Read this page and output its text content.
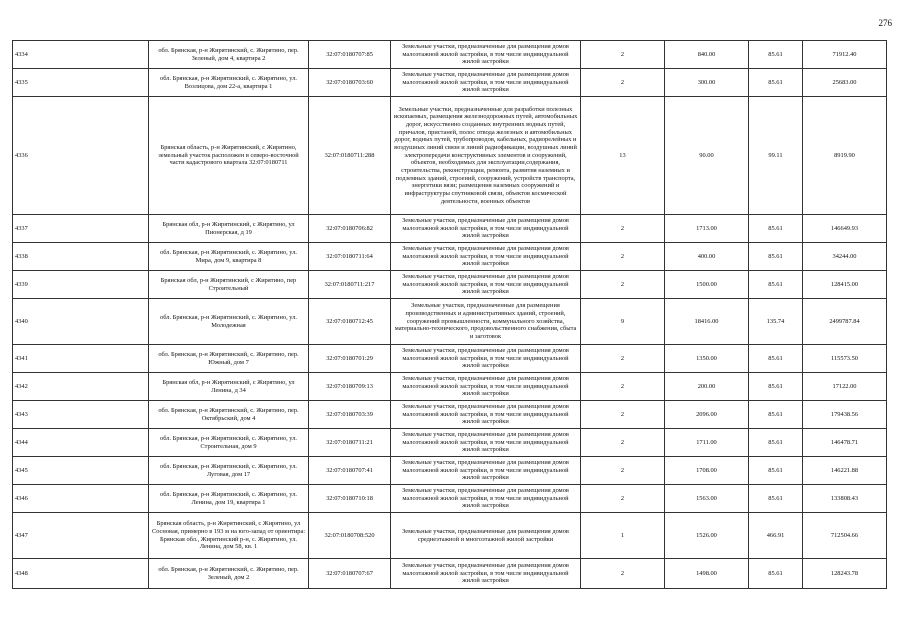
276
4334	обл. Брянская, р-н Жирятинский, с. Жирятино, пер. Зеленый, дом 4, квартира 2	32:07:0180707:85	Земельные участки, предназначенные для размещения домов малоэтажной жилой застройки, в том числе индивидуальной жилой застройки	2	840.00	85.61	71912.40
4335	обл. Брянская, р-н Жирятинский, с. Жирятино, ул. Возлицова, дом 22-а, квартира 1	32:07:0180703:60	Земельные участки, предназначенные для размещения домов малоэтажной жилой застройки, в том числе индивидуальной жилой застройки	2	300.00	85.61	25683.00
4336	Брянская область, р-н Жирятинский, с Жирятино, земельный участок расположен в северо-восточной части кадастрового квартала 32:07:0180711	32:07:0180711:288	Земельные участки, предназначенные для разработки полезных ископаемых, размещения железнодорожных путей, автомобильных дорог, искусственно созданных внутренних водных путей, причалов, пристаней, полос отвода железных и автомобильных дорог, водных путей, трубопроводов, кабельных, радиорелейных и воздушных линий связи и линий радиофикации, воздушных линий электропередачи конструктивных элементов и сооружений, объектов, необходимых для эксплуатации,содержания, строительства, реконструкции, ремонта, развития наземных и подземных зданий, строений, сооружений, устройств транспорта, энергетики вязи; размещения наземных сооружений и инфраструктуры спутниковой связи, объектов космической деятельности, военных объектов	13	90.00	99.11	8919.90
4337	Брянская обл, р-н Жирятинский, с Жирятино, ул Пионерская, д 19	32:07:0180706:82	Земельные участки, предназначенные для размещения домов малоэтажной жилой застройки, в том числе индивидуальной жилой застройки	2	1713.00	85.61	146649.93
4338	обл. Брянская, р-н Жирятинский, с. Жирятино, ул. Мира, дом 9, квартира 8	32:07:0180711:64	Земельные участки, предназначенные для размещения домов малоэтажной жилой застройки, в том числе индивидуальной жилой застройки	2	400.00	85.61	34244.00
4339	Брянская обл, р-н Жирятинский, с Жирятино, пер Строительный	32:07:0180711:217	Земельные участки, предназначенные для размещения домов малоэтажной жилой застройки, в том числе индивидуальной жилой застройки	2	1500.00	85.61	128415.00
4340	обл. Брянская, р-н Жирятинский, с. Жирятино, ул. Молодежная	32:07:0180712:45	Земельные участки, предназначенные для размещения производственных и административных зданий, строений, сооружений промышленности, коммунального хозяйства, материально-технического, продовольственного снабжения, сбыта и заготовок	9	18416.00	135.74	2499787.84
4341	обл. Брянская, р-н Жирятинский, с. Жирятино, пер. Южный, дом 7	32:07:0180701:29	Земельные участки, предназначенные для размещения домов малоэтажной жилой застройки, в том числе индивидуальной жилой застройки	2	1350.00	85.61	115573.50
4342	Брянская обл, р-н Жирятинский, с Жирятино, ул Ленина, д 34	32:07:0180709:13	Земельные участки, предназначенные для размещения домов малоэтажной жилой застройки, в том числе индивидуальной жилой застройки	2	200.00	85.61	17122.00
4343	обл. Брянская, р-н Жирятинский, с. Жирятино, пер. Октябрьский, дом 4	32:07:0180703:39	Земельные участки, предназначенные для размещения домов малоэтажной жилой застройки, в том числе индивидуальной жилой застройки	2	2096.00	85.61	179438.56
4344	обл. Брянская, р-н Жирятинский, с. Жирятино, ул. Строительная, дом 9	32:07:0180711:21	Земельные участки, предназначенные для размещения домов малоэтажной жилой застройки, в том числе индивидуальной жилой застройки	2	1711.00	85.61	146478.71
4345	обл. Брянская, р-н Жирятинский, с. Жирятино, ул. Луговая, дом 17	32:07:0180707:41	Земельные участки, предназначенные для размещения домов малоэтажной жилой застройки, в том числе индивидуальной жилой застройки	2	1708.00	85.61	146221.88
4346	обл. Брянская, р-н Жирятинский, с. Жирятино, ул. Ленина, дом 19, квартира 1	32:07:0180710:18	Земельные участки, предназначенные для размещения домов малоэтажной жилой застройки, в том числе индивидуальной жилой застройки	2	1563.00	85.61	133808.43
4347	Брянская область, р-н Жирятинский, с Жирятино, ул Сосновая, примерно в 193 м на юго-запад от ориентира: Брянская обл., Жирятинский р-н, с. Жирятино, ул. Ленина, дом 58, кв. 1	32:07:0180708:520	Земельные участки, предназначенные для размещения домов среднеэтажной и многоэтажной жилой застройки	1	1526.00	466.91	712504.66
4348	обл. Брянская, р-н Жирятинский, с. Жирятино, пер. Зеленый, дом 2	32:07:0180707:67	Земельные участки, предназначенные для размещения домов малоэтажной жилой застройки, в том числе индивидуальной жилой застройки	2	1498.00	85.61	128243.78
